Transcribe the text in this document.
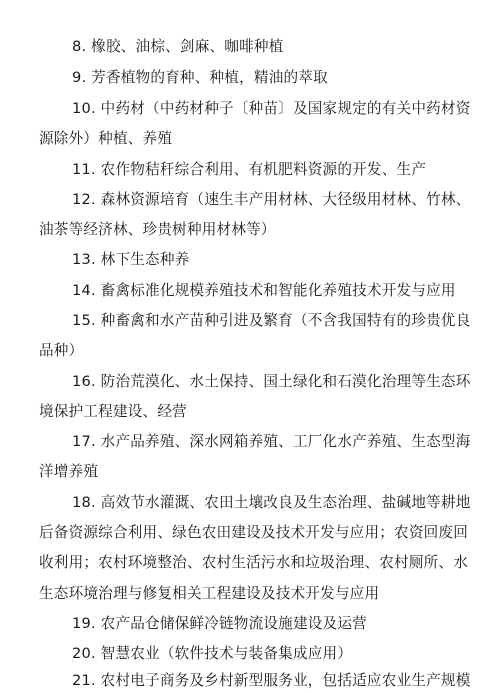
8. 橡胶、油棕、剑麻、咖啡种植
9. 芳香植物的育种、种植，精油的萃取
10. 中药材（中药材种子〔种苗〕及国家规定的有关中药材资
源除外）种植、养殖
11. 农作物秸秆综合利用、有机肥料资源的开发、生产
12. 森林资源培育（速生丰产用材林、大径级用材林、竹林、
油茶等经济林、珍贵树种用材林等）
13. 林下生态种养
14. 畜禽标准化规模养殖技术和智能化养殖技术开发与应用
15. 种畜禽和水产苗种引进及繁育（不含我国特有的珍贵优良
品种）
16. 防治荒漠化、水土保持、国土绿化和石漠化治理等生态环
境保护工程建设、经营
17. 水产品养殖、深水网箱养殖、工厂化水产养殖、生态型海
洋增养殖
18. 高效节水灌溉、农田土壤改良及生态治理、盐碱地等耕地
后备资源综合利用、绿色农田建设及技术开发与应用；农资回废回
收利用；农村环境整治、农村生活污水和垃圾治理、农村厕所、水
生态环境治理与修复相关工程建设及技术开发与应用
19. 农产品仓储保鲜冷链物流设施建设及运营
20. 智慧农业（软件技术与装备集成应用）
21. 农村电子商务及乡村新型服务业，包括适应农业生产规模
